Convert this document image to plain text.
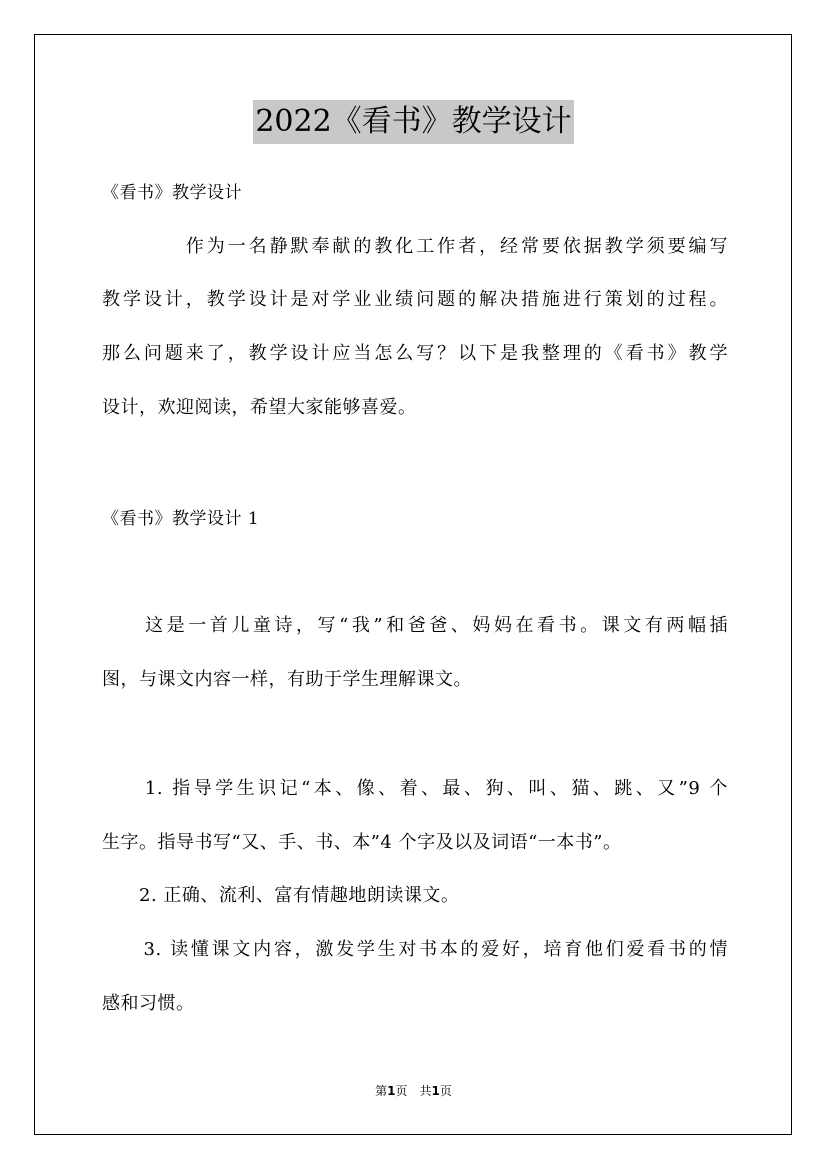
2022《看书》教学设计
《看书》教学设计
　　　　作为一名静默奉献的教化工作者，经常要依据教学须要编写
教学设计，教学设计是对学业业绩问题的解决措施进行策划的过程。
那么问题来了，教学设计应当怎么写？以下是我整理的《看书》教学
设计，欢迎阅读，希望大家能够喜爱。
《看书》教学设计 1
　　这是一首儿童诗，写“我”和爸爸、妈妈在看书。课文有两幅插
图，与课文内容一样，有助于学生理解课文。
　　1. 指导学生识记“本、像、着、最、狗、叫、猫、跳、又”9 个
生字。指导书写“又、手、书、本”4 个字及以及词语“一本书”。
　　2. 正确、流利、富有情趣地朗读课文。
　　3. 读懂课文内容，激发学生对书本的爱好，培育他们爱看书的情
感和习惯。
第1页　共1页
